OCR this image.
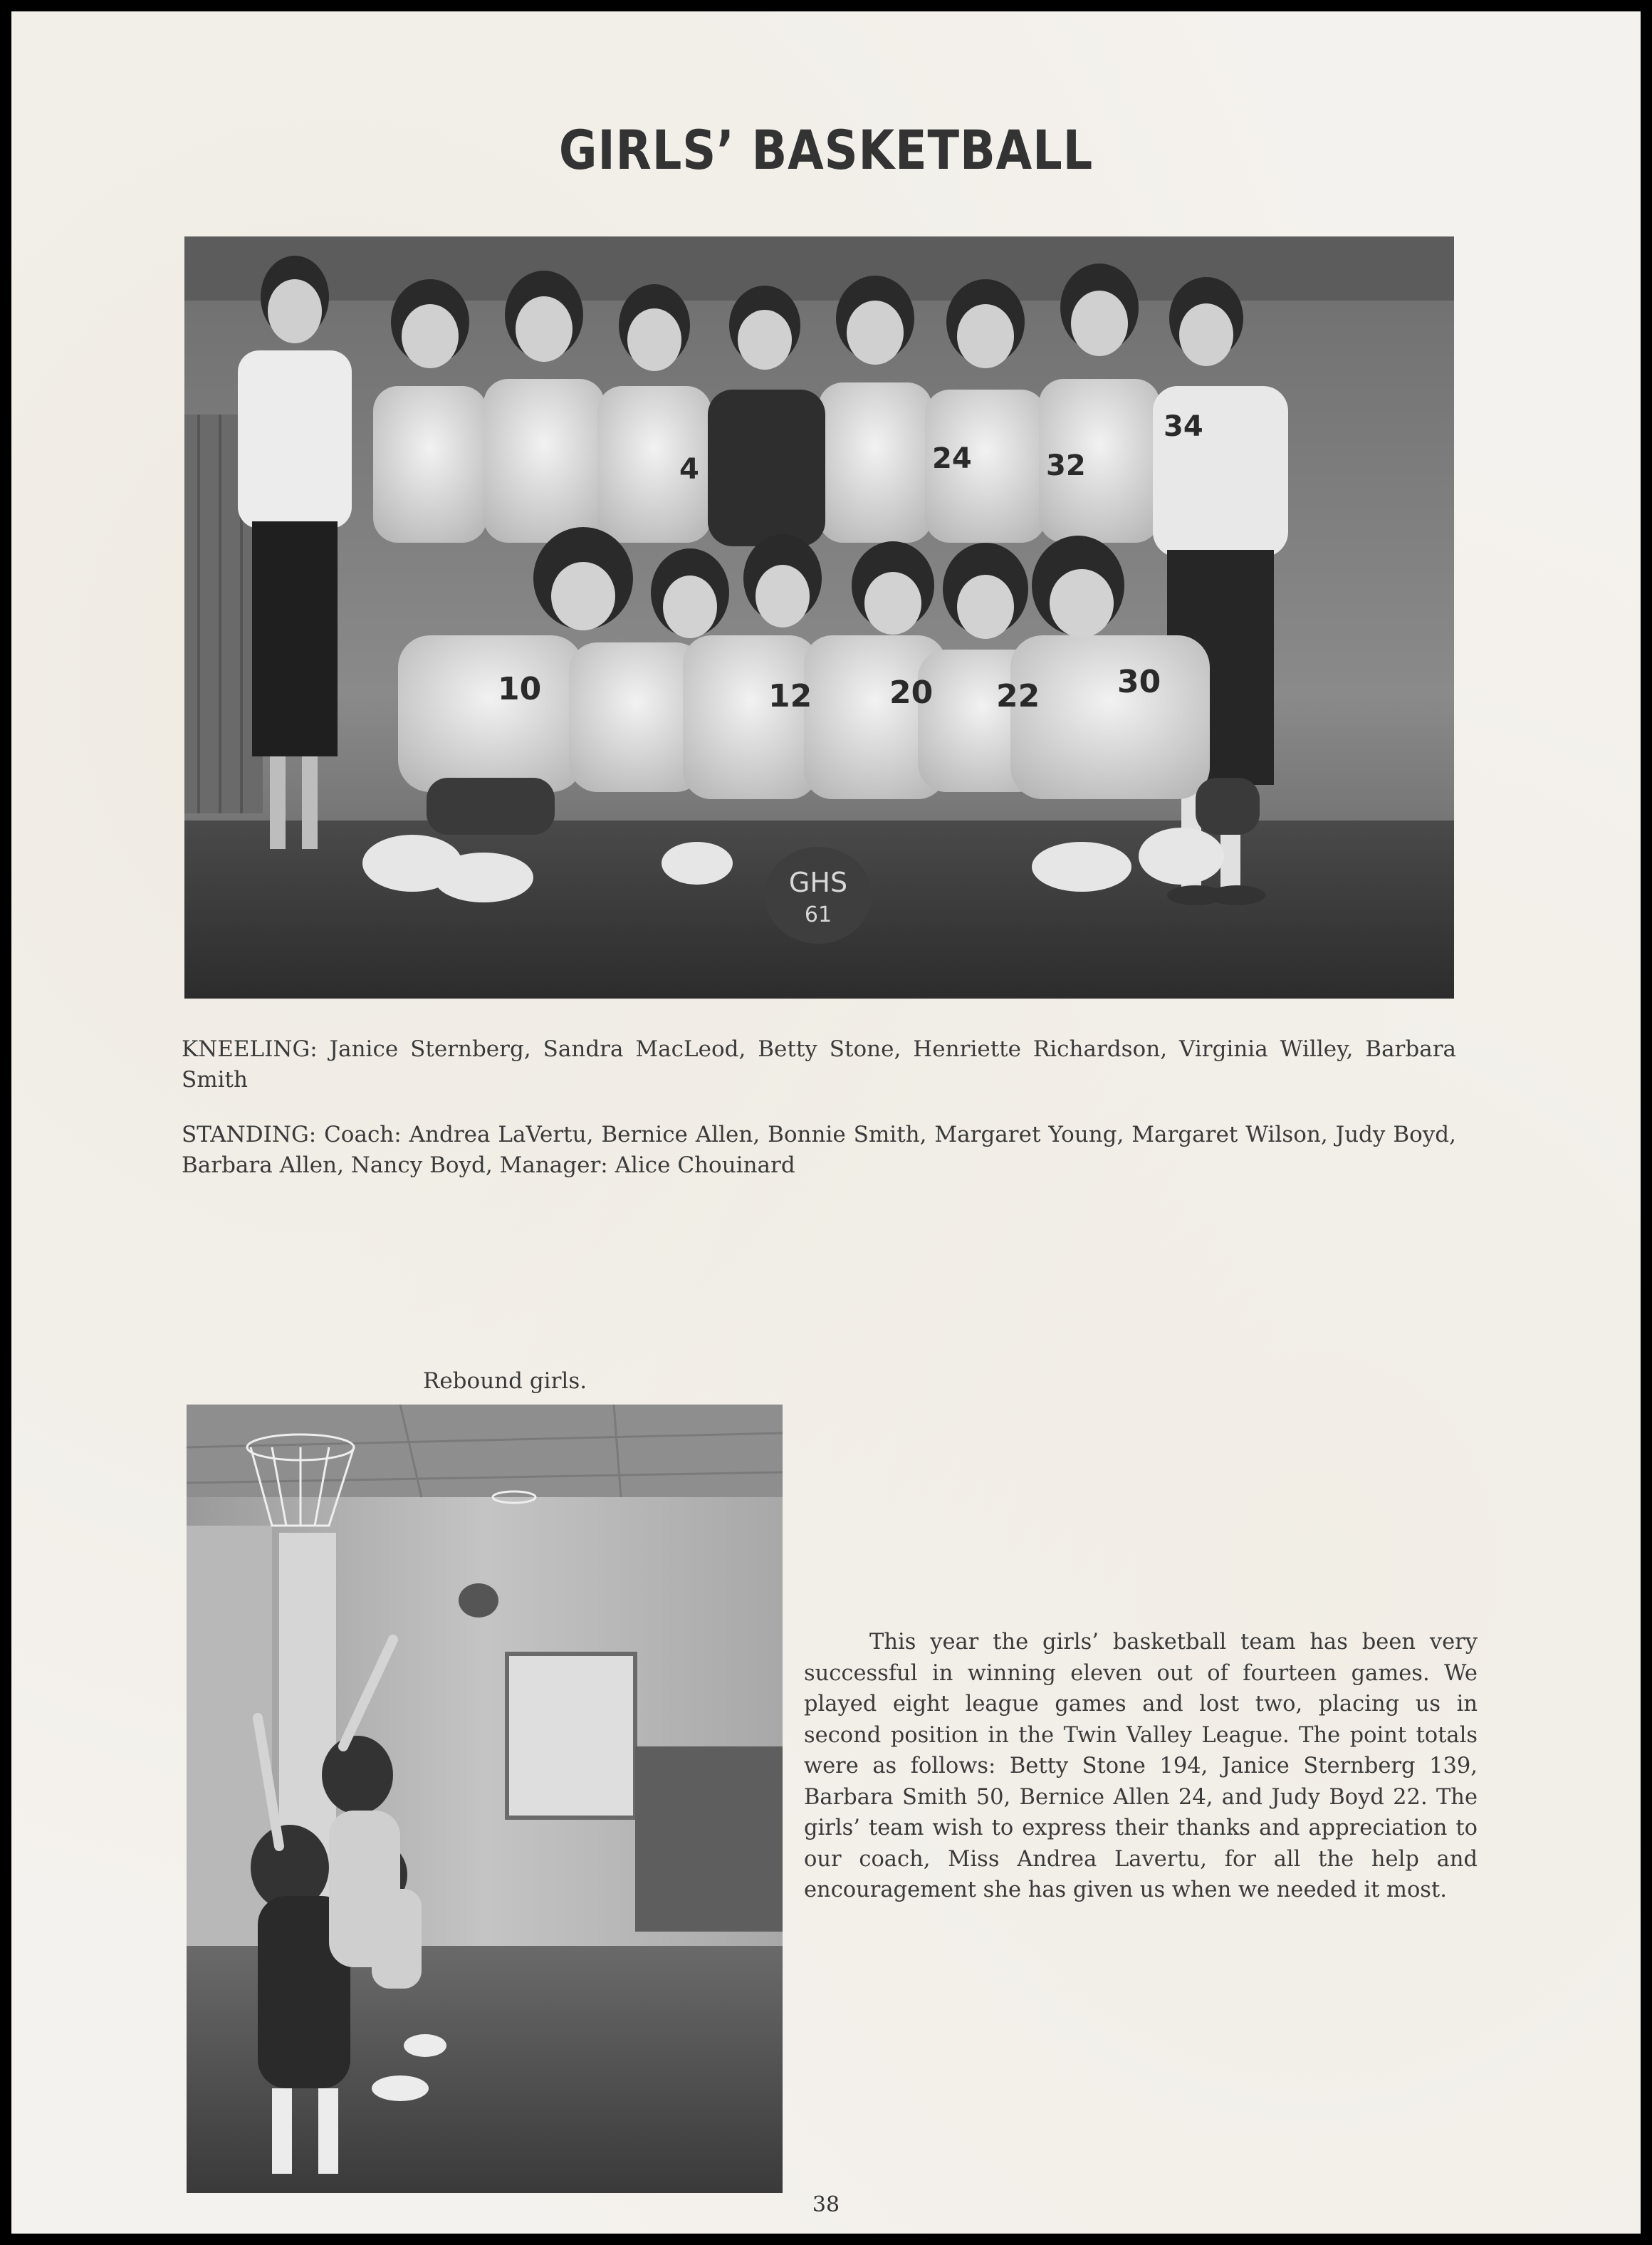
GIRLS’ BASKETBALL
4	24	32
34
10	12 20 22 30
GHS
61
KNEELING: Janice Sternberg, Sandra MacLeod, Betty Stone, Henriette Richardson, Virginia Willey, Barbara Smith
STANDING: Coach: Andrea LaVertu, Bernice Allen, Bonnie Smith, Margaret Young, Margaret Wilson, Judy Boyd, Barbara Allen, Nancy Boyd, Manager: Alice Chouinard
Rebound girls.
This year the girls’ basketball team has been very successful in winning eleven out of fourteen games. We played eight league games and lost two, placing us in second position in the Twin Valley League. The point totals were as follows: Betty Stone 194, Janice Sternberg 139, Barbara Smith 50, Bernice Allen 24, and Judy Boyd 22. The girls’ team wish to express their thanks and appreciation to our coach, Miss Andrea Lavertu, for all the help and encouragement she has given us when we needed it most.
38
